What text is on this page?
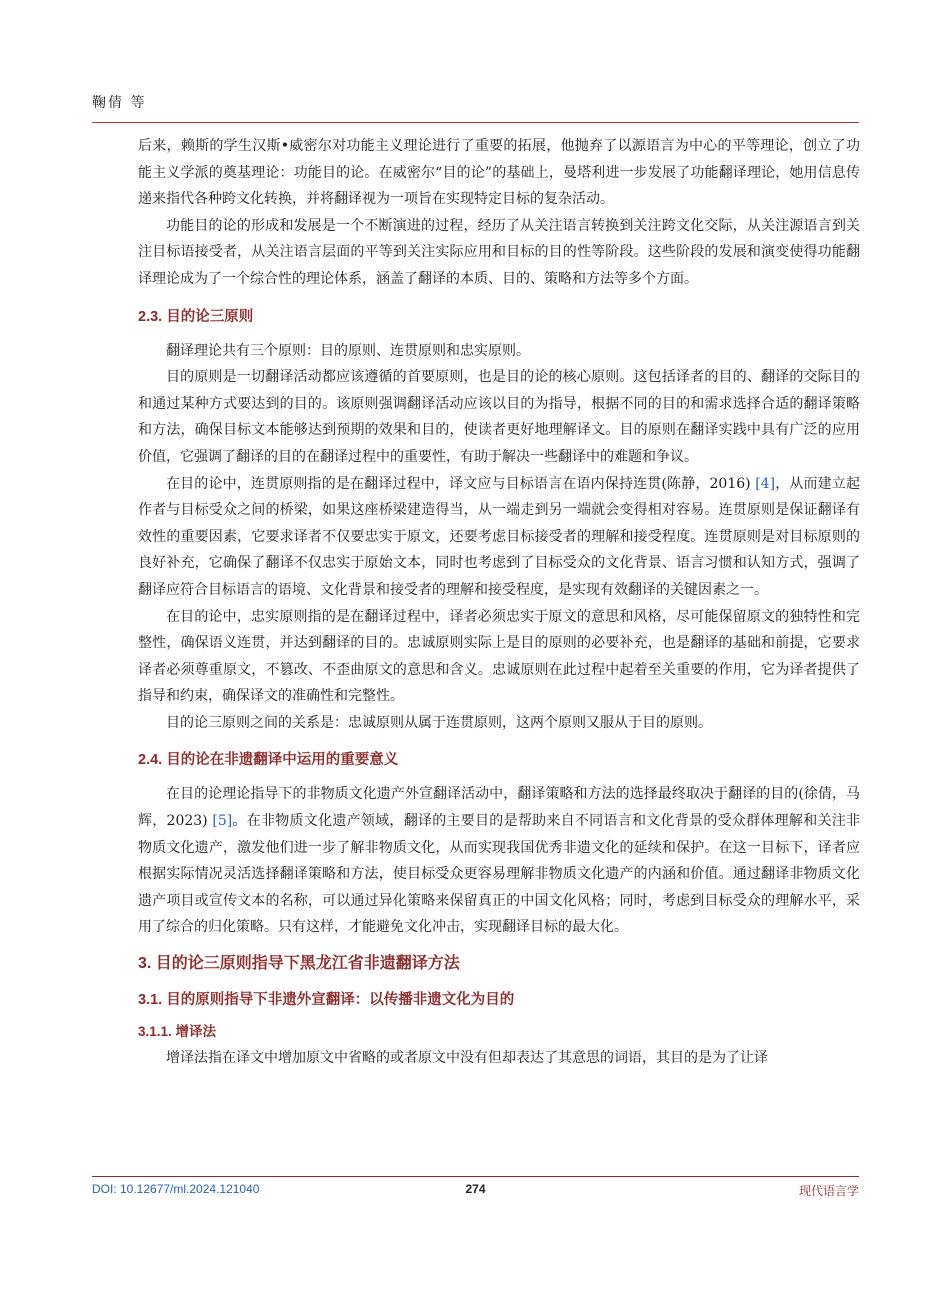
鞠倩 等

后来，赖斯的学生汉斯•威密尔对功能主义理论进行了重要的拓展，他抛弃了以源语言为中心的平等理论，创立了功能主义学派的奠基理论：功能目的论。在威密尔“目的论”的基础上，曼塔利进一步发展了功能翻译理论，她用信息传递来指代各种跨文化转换，并将翻译视为一项旨在实现特定目标的复杂活动。

功能目的论的形成和发展是一个不断演进的过程，经历了从关注语言转换到关注跨文化交际，从关注源语言到关注目标语接受者，从关注语言层面的平等到关注实际应用和目标的目的性等阶段。这些阶段的发展和演变使得功能翻译理论成为了一个综合性的理论体系，涵盖了翻译的本质、目的、策略和方法等多个方面。

2.3. 目的论三原则

翻译理论共有三个原则：目的原则、连贯原则和忠实原则。

目的原则是一切翻译活动都应该遵循的首要原则，也是目的论的核心原则。这包括译者的目的、翻译的交际目的和通过某种方式要达到的目的。该原则强调翻译活动应该以目的为指导，根据不同的目的和需求选择合适的翻译策略和方法，确保目标文本能够达到预期的效果和目的，使读者更好地理解译文。目的原则在翻译实践中具有广泛的应用价值，它强调了翻译的目的在翻译过程中的重要性，有助于解决一些翻译中的难题和争议。

在目的论中，连贯原则指的是在翻译过程中，译文应与目标语言在语内保持连贯(陈静，2016) [4]，从而建立起作者与目标受众之间的桥梁，如果这座桥梁建造得当，从一端走到另一端就会变得相对容易。连贯原则是保证翻译有效性的重要因素，它要求译者不仅要忠实于原文，还要考虑目标接受者的理解和接受程度。连贯原则是对目标原则的良好补充，它确保了翻译不仅忠实于原始文本，同时也考虑到了目标受众的文化背景、语言习惯和认知方式，强调了翻译应符合目标语言的语境、文化背景和接受者的理解和接受程度，是实现有效翻译的关键因素之一。

在目的论中，忠实原则指的是在翻译过程中，译者必须忠实于原文的意思和风格，尽可能保留原文的独特性和完整性，确保语义连贯，并达到翻译的目的。忠诚原则实际上是目的原则的必要补充，也是翻译的基础和前提，它要求译者必须尊重原文，不篡改、不歪曲原文的意思和含义。忠诚原则在此过程中起着至关重要的作用，它为译者提供了指导和约束，确保译文的准确性和完整性。

目的论三原则之间的关系是：忠诚原则从属于连贯原则，这两个原则又服从于目的原则。

2.4. 目的论在非遗翻译中运用的重要意义

在目的论理论指导下的非物质文化遗产外宣翻译活动中，翻译策略和方法的选择最终取决于翻译的目的(徐倩，马辉，2023) [5]。在非物质文化遗产领域，翻译的主要目的是帮助来自不同语言和文化背景的受众群体理解和关注非物质文化遗产，激发他们进一步了解非物质文化，从而实现我国优秀非遗文化的延续和保护。在这一目标下，译者应根据实际情况灵活选择翻译策略和方法，使目标受众更容易理解非物质文化遗产的内涵和价值。通过翻译非物质文化遗产项目或宣传文本的名称，可以通过异化策略来保留真正的中国文化风格；同时，考虑到目标受众的理解水平，采用了综合的归化策略。只有这样，才能避免文化冲击，实现翻译目标的最大化。

3. 目的论三原则指导下黑龙江省非遗翻译方法
3.1. 目的原则指导下非遗外宣翻译：以传播非遗文化为目的
3.1.1. 增译法

增译法指在译文中增加原文中省略的或者原文中没有但却表达了其意思的词语，其目的是为了让译

DOI: 10.12677/ml.2024.121040	274	现代语言学
